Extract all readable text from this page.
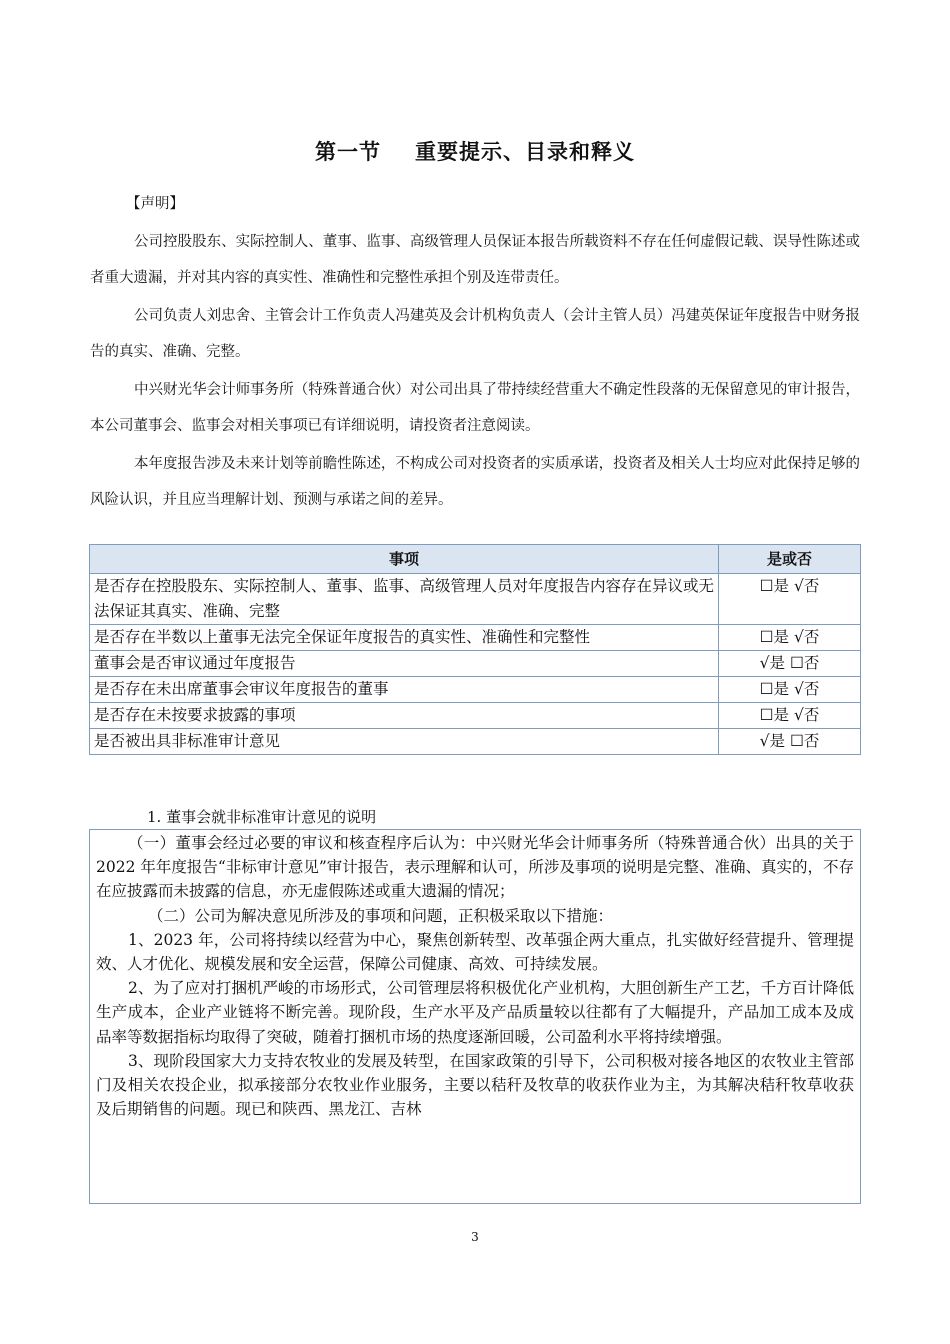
第一节 重要提示、目录和释义
【声明】
公司控股股东、实际控制人、董事、监事、高级管理人员保证本报告所载资料不存在任何虚假记载、误导性陈述或者重大遗漏，并对其内容的真实性、准确性和完整性承担个别及连带责任。
公司负责人刘忠舍、主管会计工作负责人冯建英及会计机构负责人（会计主管人员）冯建英保证年度报告中财务报告的真实、准确、完整。
中兴财光华会计师事务所（特殊普通合伙）对公司出具了带持续经营重大不确定性段落的无保留意见的审计报告，本公司董事会、监事会对相关事项已有详细说明，请投资者注意阅读。
本年度报告涉及未来计划等前瞻性陈述，不构成公司对投资者的实质承诺，投资者及相关人士均应对此保持足够的风险认识，并且应当理解计划、预测与承诺之间的差异。
事项	是或否
是否存在控股股东、实际控制人、董事、监事、高级管理人员对年度报告内容存在异议或无法保证其真实、准确、完整	☐是 √否
是否存在半数以上董事无法完全保证年度报告的真实性、准确性和完整性	☐是 √否
董事会是否审议通过年度报告	√是 ☐否
是否存在未出席董事会审议年度报告的董事	☐是 √否
是否存在未按要求披露的事项	☐是 √否
是否被出具非标准审计意见	√是 ☐否
1. 董事会就非标准审计意见的说明

（一）董事会经过必要的审议和核查程序后认为：中兴财光华会计师事务所（特殊普通合伙）出具的关于 2022 年年度报告“非标审计意见”审计报告，表示理解和认可，所涉及事项的说明是完整、准确、真实的，不存在应披露而未披露的信息，亦无虚假陈述或重大遗漏的情况；

（二）公司为解决意见所涉及的事项和问题，正积极采取以下措施：

1、2023 年，公司将持续以经营为中心，聚焦创新转型、改革强企两大重点，扎实做好经营提升、管理提效、人才优化、规模发展和安全运营，保障公司健康、高效、可持续发展。

2、为了应对打捆机严峻的市场形式，公司管理层将积极优化产业机构，大胆创新生产工艺，千方百计降低生产成本，企业产业链将不断完善。现阶段，生产水平及产品质量较以往都有了大幅提升，产品加工成本及成品率等数据指标均取得了突破，随着打捆机市场的热度逐渐回暖，公司盈利水平将持续增强。

3、现阶段国家大力支持农牧业的发展及转型，在国家政策的引导下，公司积极对接各地区的农牧业主管部门及相关农投企业，拟承接部分农牧业作业服务，主要以秸秆及牧草的收获作业为主，为其解决秸秆牧草收获及后期销售的问题。现已和陕西、黑龙江、吉林

3
